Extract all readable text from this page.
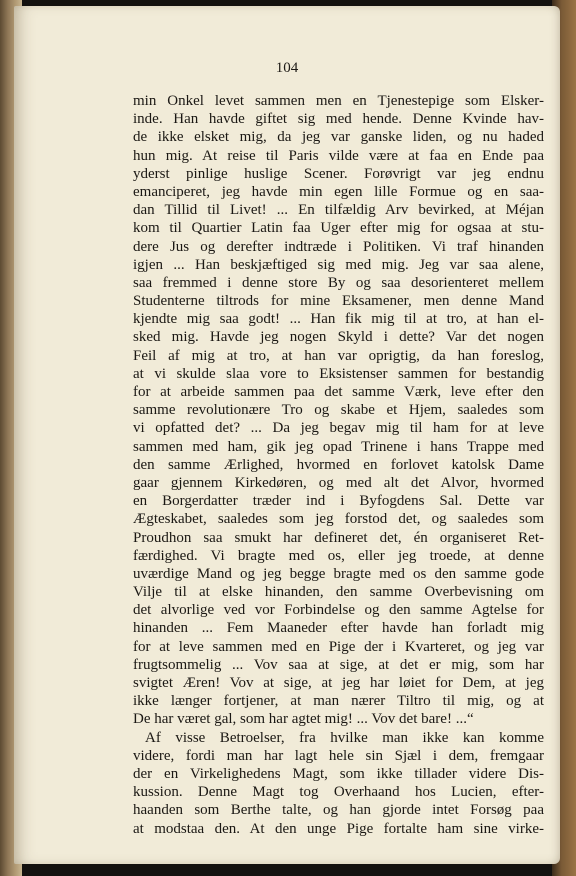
104
min Onkel levet sammen men en Tjenestepige som Elsker-
inde. Han havde giftet sig med hende. Denne Kvinde hav-
de ikke elsket mig, da jeg var ganske liden, og nu haded
hun mig. At reise til Paris vilde være at faa en Ende paa
yderst pinlige huslige Scener. Forøvrigt var jeg endnu
emanciperet, jeg havde min egen lille Formue og en saa-
dan Tillid til Livet! ... En tilfældig Arv bevirked, at Méjan
kom til Quartier Latin faa Uger efter mig for ogsaa at stu-
dere Jus og derefter indtræde i Politiken. Vi traf hinanden
igjen ... Han beskjæftiged sig med mig. Jeg var saa alene,
saa fremmed i denne store By og saa desorienteret mellem
Studenterne tiltrods for mine Eksamener, men denne Mand
kjendte mig saa godt! ... Han fik mig til at tro, at han el-
sked mig. Havde jeg nogen Skyld i dette? Var det nogen
Feil af mig at tro, at han var oprigtig, da han foreslog,
at vi skulde slaa vore to Eksistenser sammen for bestandig
for at arbeide sammen paa det samme Værk, leve efter den
samme revolutionære Tro og skabe et Hjem, saaledes som
vi opfatted det? ... Da jeg begav mig til ham for at leve
sammen med ham, gik jeg opad Trinene i hans Trappe med
den samme Ærlighed, hvormed en forlovet katolsk Dame
gaar gjennem Kirkedøren, og med alt det Alvor, hvormed
en Borgerdatter træder ind i Byfogdens Sal. Dette var
Ægteskabet, saaledes som jeg forstod det, og saaledes som
Proudhon saa smukt har defineret det, én organiseret Ret-
færdighed. Vi bragte med os, eller jeg troede, at denne
uværdige Mand og jeg begge bragte med os den samme gode
Vilje til at elske hinanden, den samme Overbevisning om
det alvorlige ved vor Forbindelse og den samme Agtelse for
hinanden ... Fem Maaneder efter havde han forladt mig
for at leve sammen med en Pige der i Kvarteret, og jeg var
frugtsommelig ... Vov saa at sige, at det er mig, som har
svigtet Æren! Vov at sige, at jeg har løiet for Dem, at jeg
ikke længer fortjener, at man nærer Tiltro til mig, og at
De har været gal, som har agtet mig! ... Vov det bare! ...“
Af visse Betroelser, fra hvilke man ikke kan komme
videre, fordi man har lagt hele sin Sjæl i dem, fremgaar
der en Virkelighedens Magt, som ikke tillader videre Dis-
kussion. Denne Magt tog Overhaand hos Lucien, efter-
haanden som Berthe talte, og han gjorde intet Forsøg paa
at modstaa den. At den unge Pige fortalte ham sine virke-
